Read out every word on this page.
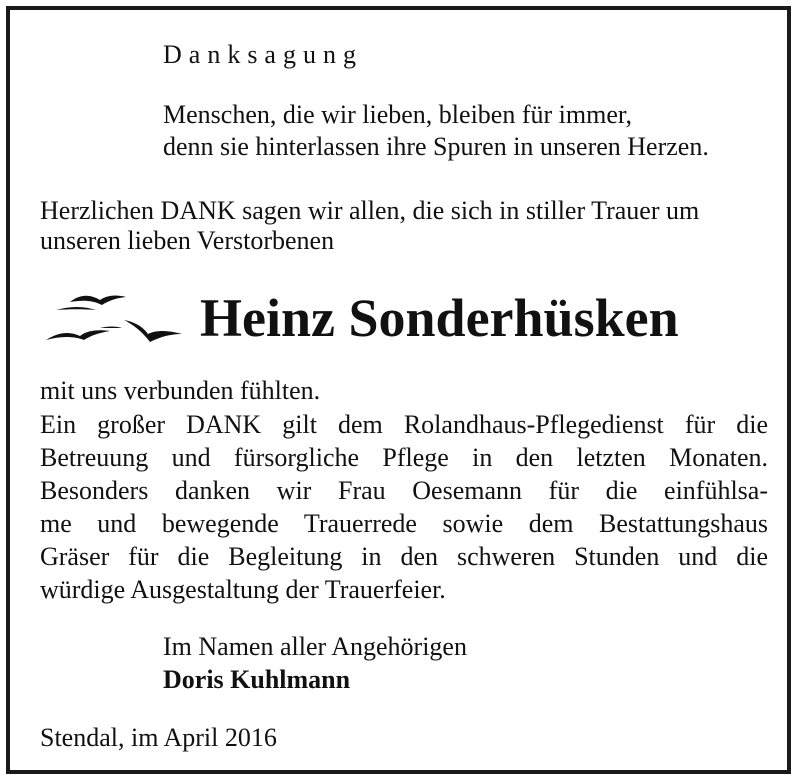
Danksagung
Menschen, die wir lieben, bleiben für immer,
denn sie hinterlassen ihre Spuren in unseren Herzen.
Herzlichen DANK sagen wir allen, die sich in stiller Trauer um
unseren lieben Verstorbenen
Heinz Sonderhüsken
mit uns verbunden fühlten.
Ein großer DANK gilt dem Rolandhaus-Pflegedienst für die
Betreuung und fürsorgliche Pflege in den letzten Monaten.
Besonders danken wir Frau Oesemann für die einfühlsa-
me und bewegende Trauerrede sowie dem Bestattungshaus
Gräser für die Begleitung in den schweren Stunden und die
würdige Ausgestaltung der Trauerfeier.
Im Namen aller Angehörigen
Doris Kuhlmann
Stendal, im April 2016
